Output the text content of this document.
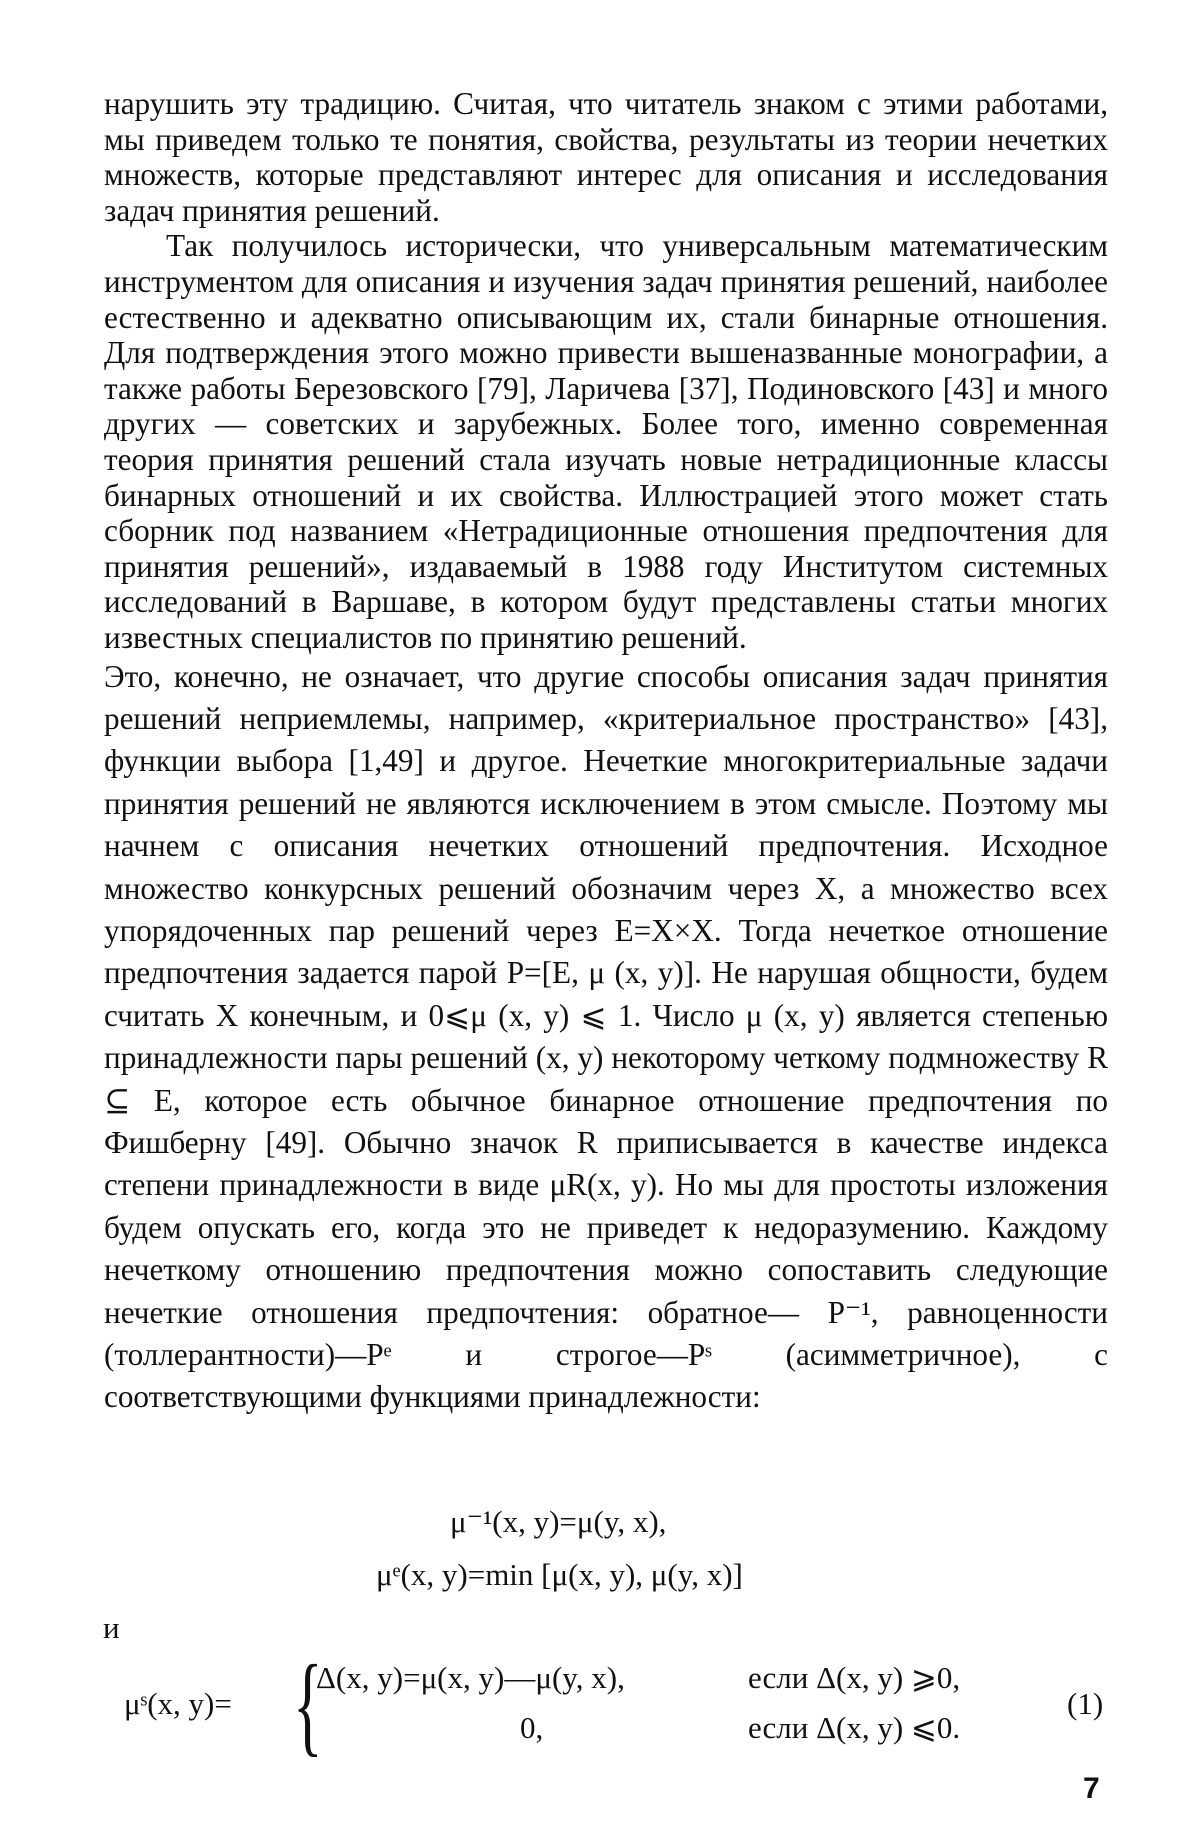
нарушить эту традицию. Считая, что читатель знаком с этими работами, мы приведем только те понятия, свойства, результаты из теории нечетких множеств, которые представляют интерес для описания и исследования задач принятия решений.

Так получилось исторически, что универсальным математическим инструментом для описания и изучения задач принятия решений, наиболее естественно и адекватно описывающим их, стали бинарные отношения. Для подтверждения этого можно привести вышеназванные монографии, а также работы Березовского [79], Ларичева [37], Подиновского [43] и много других — советских и зарубежных. Более того, именно современная теория принятия решений стала изучать новые нетрадиционные классы бинарных отношений и их свойства. Иллюстрацией этого может стать сборник под названием «Нетрадиционные отношения предпочтения для принятия решений», издаваемый в 1988 году Институтом системных исследований в Варшаве, в котором будут представлены статьи многих известных специалистов по принятию решений.

Это, конечно, не означает, что другие способы описания задач принятия решений неприемлемы, например, «критериальное пространство» [43], функции выбора [1,49] и другое. Нечеткие многокритериальные задачи принятия решений не являются исключением в этом смысле. Поэтому мы начнем с описания нечетких отношений предпочтения. Исходное множество конкурсных решений обозначим через X, а множество всех упорядоченных пар решений через E=X×X. Тогда нечеткое отношение предпочтения задается парой P=[E, μ (x, y)]. Не нарушая общности, будем считать X конечным, и 0⩽μ (x, y) ⩽ 1. Число μ (x, y) является степенью принадлежности пары решений (x, y) некоторому четкому подмножеству R ⊆ E, которое есть обычное бинарное отношение предпочтения по Фишберну [49]. Обычно значок R приписывается в качестве индекса степени принадлежности в виде μR(x, y). Но мы для простоты изложения будем опускать его, когда это не приведет к недоразумению. Каждому нечеткому отношению предпочтения можно сопоставить следующие нечеткие отношения предпочтения: обратное— P⁻¹, равноценности (толлерантности)—Pᵉ и строгое—Pˢ (асимметричное), с соответствующими функциями принадлежности:

μ⁻¹(x, y)=μ(y, x),
μᵉ(x, y)=min [μ(x, y), μ(y, x)]
и
μˢ(x, y)= {
Δ(x, y)=μ(x, y)—μ(y, x),	если Δ(x, y) ⩾0,
0,	если Δ(x, y) ⩽0.
(1)
7
